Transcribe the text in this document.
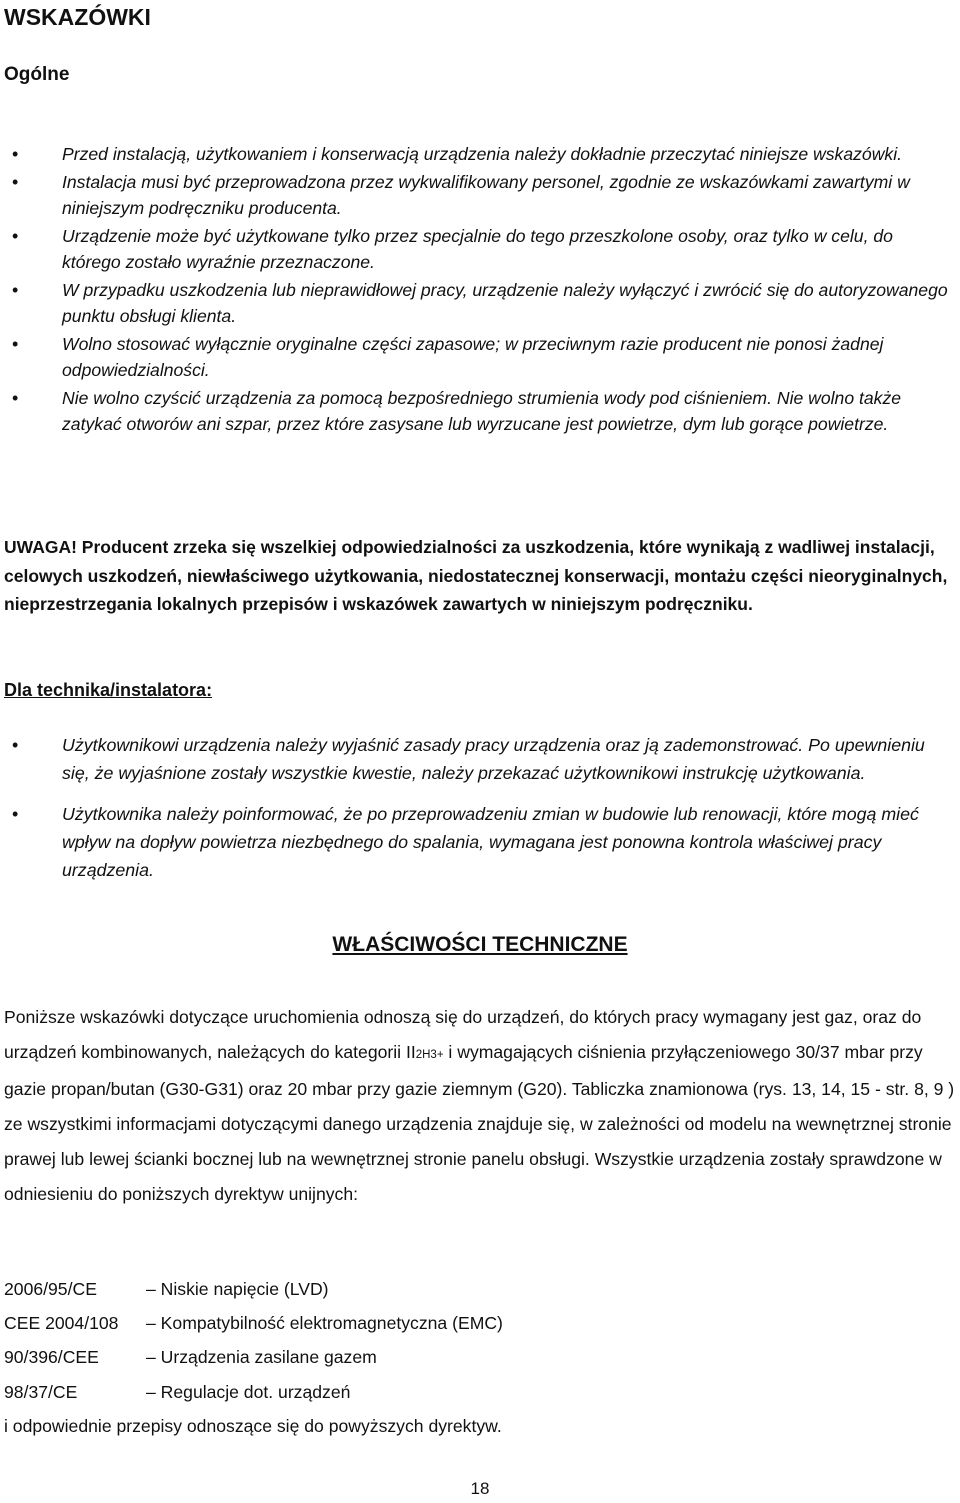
WSKAZÓWKI
Ogólne
• Przed instalacją, użytkowaniem i konserwacją urządzenia należy dokładnie przeczytać niniejsze wskazówki.
• Instalacja musi być przeprowadzona przez wykwalifikowany personel, zgodnie ze wskazówkami zawartymi w niniejszym podręczniku producenta.
• Urządzenie może być użytkowane tylko przez specjalnie do tego przeszkolone osoby, oraz tylko w celu, do którego zostało wyraźnie przeznaczone.
• W przypadku uszkodzenia lub nieprawidłowej pracy, urządzenie należy wyłączyć i zwrócić się do autoryzowanego punktu obsługi klienta.
• Wolno stosować wyłącznie oryginalne części zapasowe; w przeciwnym razie producent nie ponosi żadnej odpowiedzialności.
• Nie wolno czyścić urządzenia za pomocą bezpośredniego strumienia wody pod ciśnieniem. Nie wolno także zatykać otworów ani szpar, przez które zasysane lub wyrzucane jest powietrze, dym lub gorące powietrze.
UWAGA! Producent zrzeka się wszelkiej odpowiedzialności za uszkodzenia, które wynikają z wadliwej instalacji, celowych uszkodzeń, niewłaściwego użytkowania, niedostatecznej konserwacji, montażu części nieoryginalnych, nieprzestrzegania lokalnych przepisów i wskazówek zawartych w niniejszym podręczniku.
Dla technika/instalatora:
• Użytkownikowi urządzenia należy wyjaśnić zasady pracy urządzenia oraz ją zademonstrować. Po upewnieniu się, że wyjaśnione zostały wszystkie kwestie, należy przekazać użytkownikowi instrukcję użytkowania.
• Użytkownika należy poinformować, że po przeprowadzeniu zmian w budowie lub renowacji, które mogą mieć wpływ na dopływ powietrza niezbędnego do spalania, wymagana jest ponowna kontrola właściwej pracy urządzenia.
WŁAŚCIWOŚCI TECHNICZNE
Poniższe wskazówki dotyczące uruchomienia odnoszą się do urządzeń, do których pracy wymagany jest gaz, oraz do urządzeń kombinowanych, należących do kategorii II2H3+ i wymagających ciśnienia przyłączeniowego 30/37 mbar przy gazie propan/butan (G30-G31) oraz 20 mbar przy gazie ziemnym (G20). Tabliczka znamionowa (rys. 13, 14, 15 - str. 8, 9 ) ze wszystkimi informacjami dotyczącymi danego urządzenia znajduje się, w zależności od modelu na wewnętrznej stronie prawej lub lewej ścianki bocznej lub na wewnętrznej stronie panelu obsługi. Wszystkie urządzenia zostały sprawdzone w odniesieniu do poniższych dyrektyw unijnych:
2006/95/CE	– Niskie napięcie (LVD)
CEE 2004/108	– Kompatybilność elektromagnetyczna (EMC)
90/396/CEE	– Urządzenia zasilane gazem
98/37/CE	– Regulacje dot. urządzeń
i odpowiednie przepisy odnoszące się do powyższych dyrektyw.
18
